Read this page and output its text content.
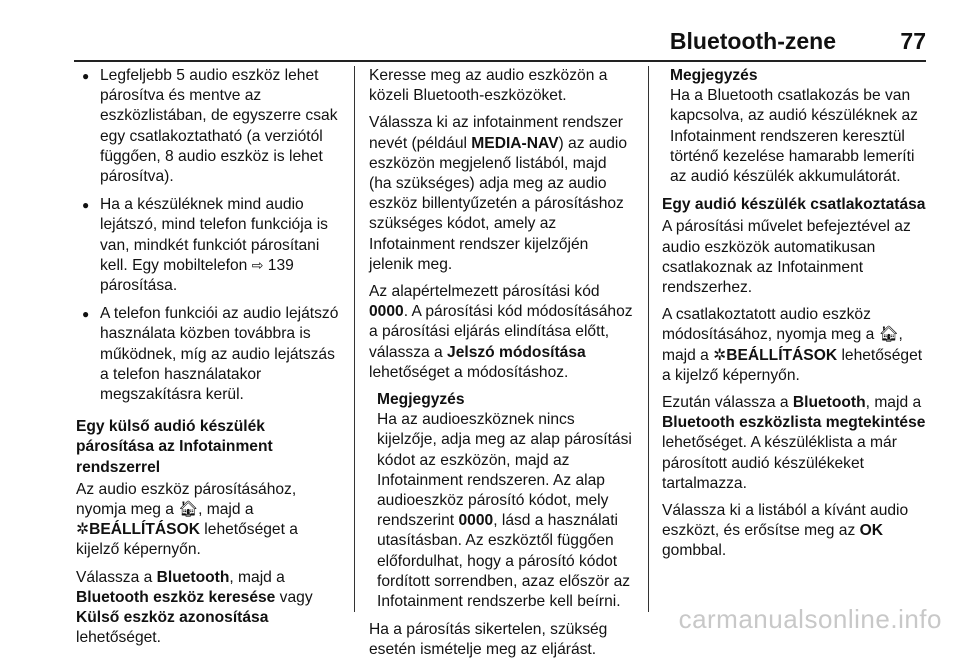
Bluetooth-zene	77
● Legfeljebb 5 audio eszköz lehet párosítva és mentve az eszközlistában, de egyszerre csak egy csatlakoztatható (a verziótól függően, 8 audio eszköz is lehet párosítva).
● Ha a készüléknek mind audio lejátszó, mind telefon funkciója is van, mindkét funkciót párosítani kell. Egy mobiltelefon ⇨ 139 párosítása.
● A telefon funkciói az audio lejátszó használata közben továbbra is működnek, míg az audio lejátszás a telefon használatakor megszakításra kerül.
Egy külső audió készülék párosítása az Infotainment rendszerrel

Az audio eszköz párosításához, nyomja meg a 🏠︎, majd a
✲BEÁLLÍTÁSOK lehetőséget a kijelző képernyőn.

Válassza a Bluetooth, majd a Bluetooth eszköz keresése vagy Külső eszköz azonosítása lehetőséget.

Keresse meg az audio eszközön a közeli Bluetooth-eszközöket.

Válassza ki az infotainment rendszer nevét (például MEDIA-NAV) az audio eszközön megjelenő listából, majd (ha szükséges) adja meg az audio eszköz billentyűzetén a párosításhoz szükséges kódot, amely az Infotainment rendszer kijelzőjén jelenik meg.

Az alapértelmezett párosítási kód 0000. A párosítási kód módosításához a párosítási eljárás elindítása előtt, válassza a Jelszó módosítása lehetőséget a módosításhoz.

Megjegyzés
Ha az audioeszköznek nincs kijelzője, adja meg az alap párosítási kódot az eszközön, majd az Infotainment rendszeren. Az alap audioeszköz párosító kódot, mely rendszerint 0000, lásd a használati utasításban. Az eszköztől függően előfordulhat, hogy a párosító kódot fordított sorrendben, azaz először az Infotainment rendszerbe kell beírni.

Ha a párosítás sikertelen, szükség esetén ismételje meg az eljárást.

Megjegyzés
Ha a Bluetooth csatlakozás be van kapcsolva, az audió készüléknek az Infotainment rendszeren keresztül történő kezelése hamarabb lemeríti az audió készülék akkumulátorát.
Egy audió készülék csatlakoztatása

A párosítási művelet befejeztével az audio eszközök automatikusan csatlakoznak az Infotainment rendszerhez.

A csatlakoztatott audio eszköz módosításához, nyomja meg a 🏠︎, majd a ✲BEÁLLÍTÁSOK lehetőséget a kijelző képernyőn.

Ezután válassza a Bluetooth, majd a Bluetooth eszközlista megtekintése lehetőséget. A készüléklista a már párosított audió készülékeket tartalmazza.

Válassza ki a listából a kívánt audio eszközt, és erősítse meg az OK gombbal.

carmanualsonline.info
